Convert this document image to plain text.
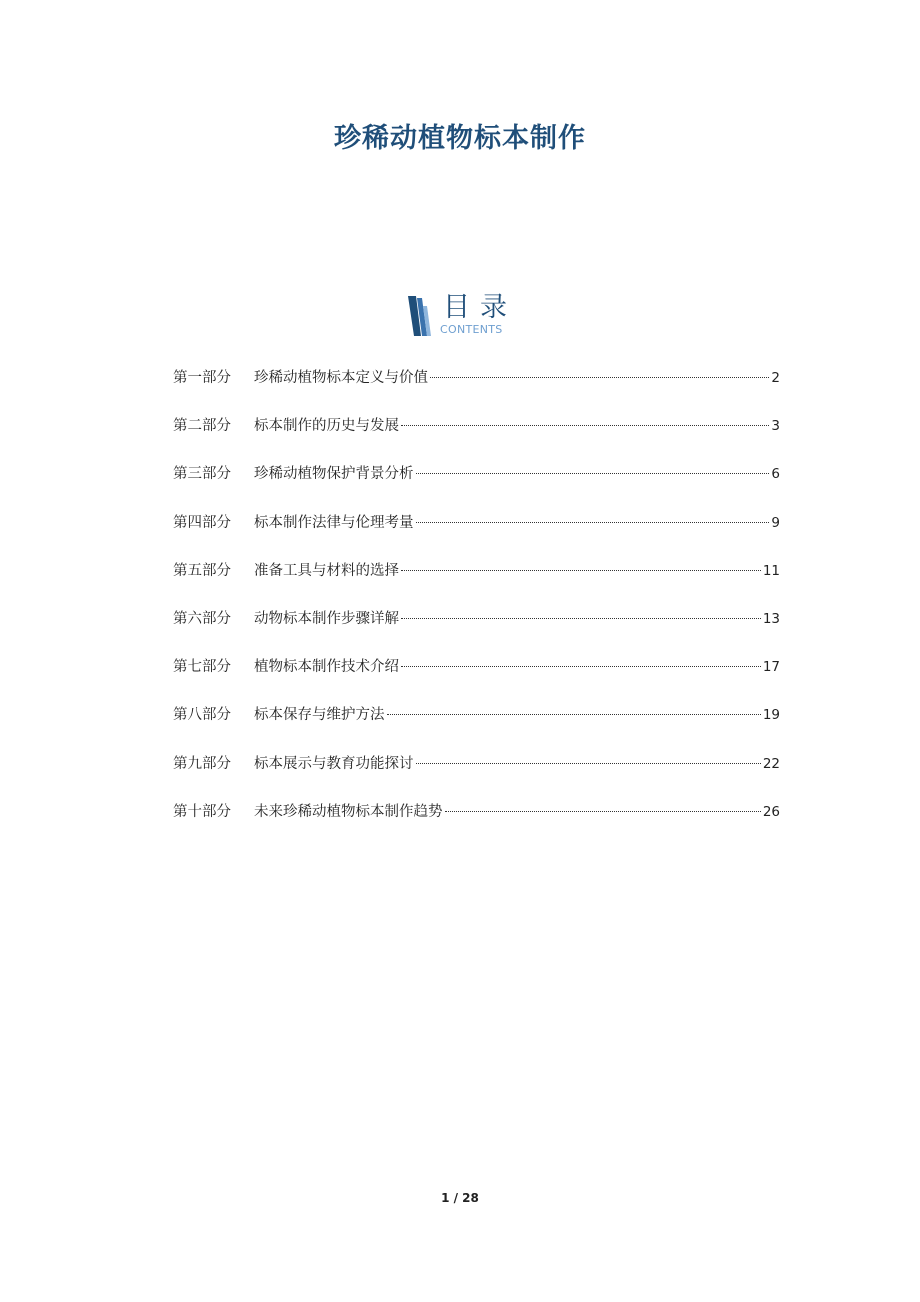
珍稀动植物标本制作
目录
CONTENTS
第一部分	珍稀动植物标本定义与价值	2
第二部分	标本制作的历史与发展	3
第三部分	珍稀动植物保护背景分析	6
第四部分	标本制作法律与伦理考量	9
第五部分	准备工具与材料的选择	11
第六部分	动物标本制作步骤详解	13
第七部分	植物标本制作技术介绍	17
第八部分	标本保存与维护方法	19
第九部分	标本展示与教育功能探讨	22
第十部分	未来珍稀动植物标本制作趋势	26
1 / 28
